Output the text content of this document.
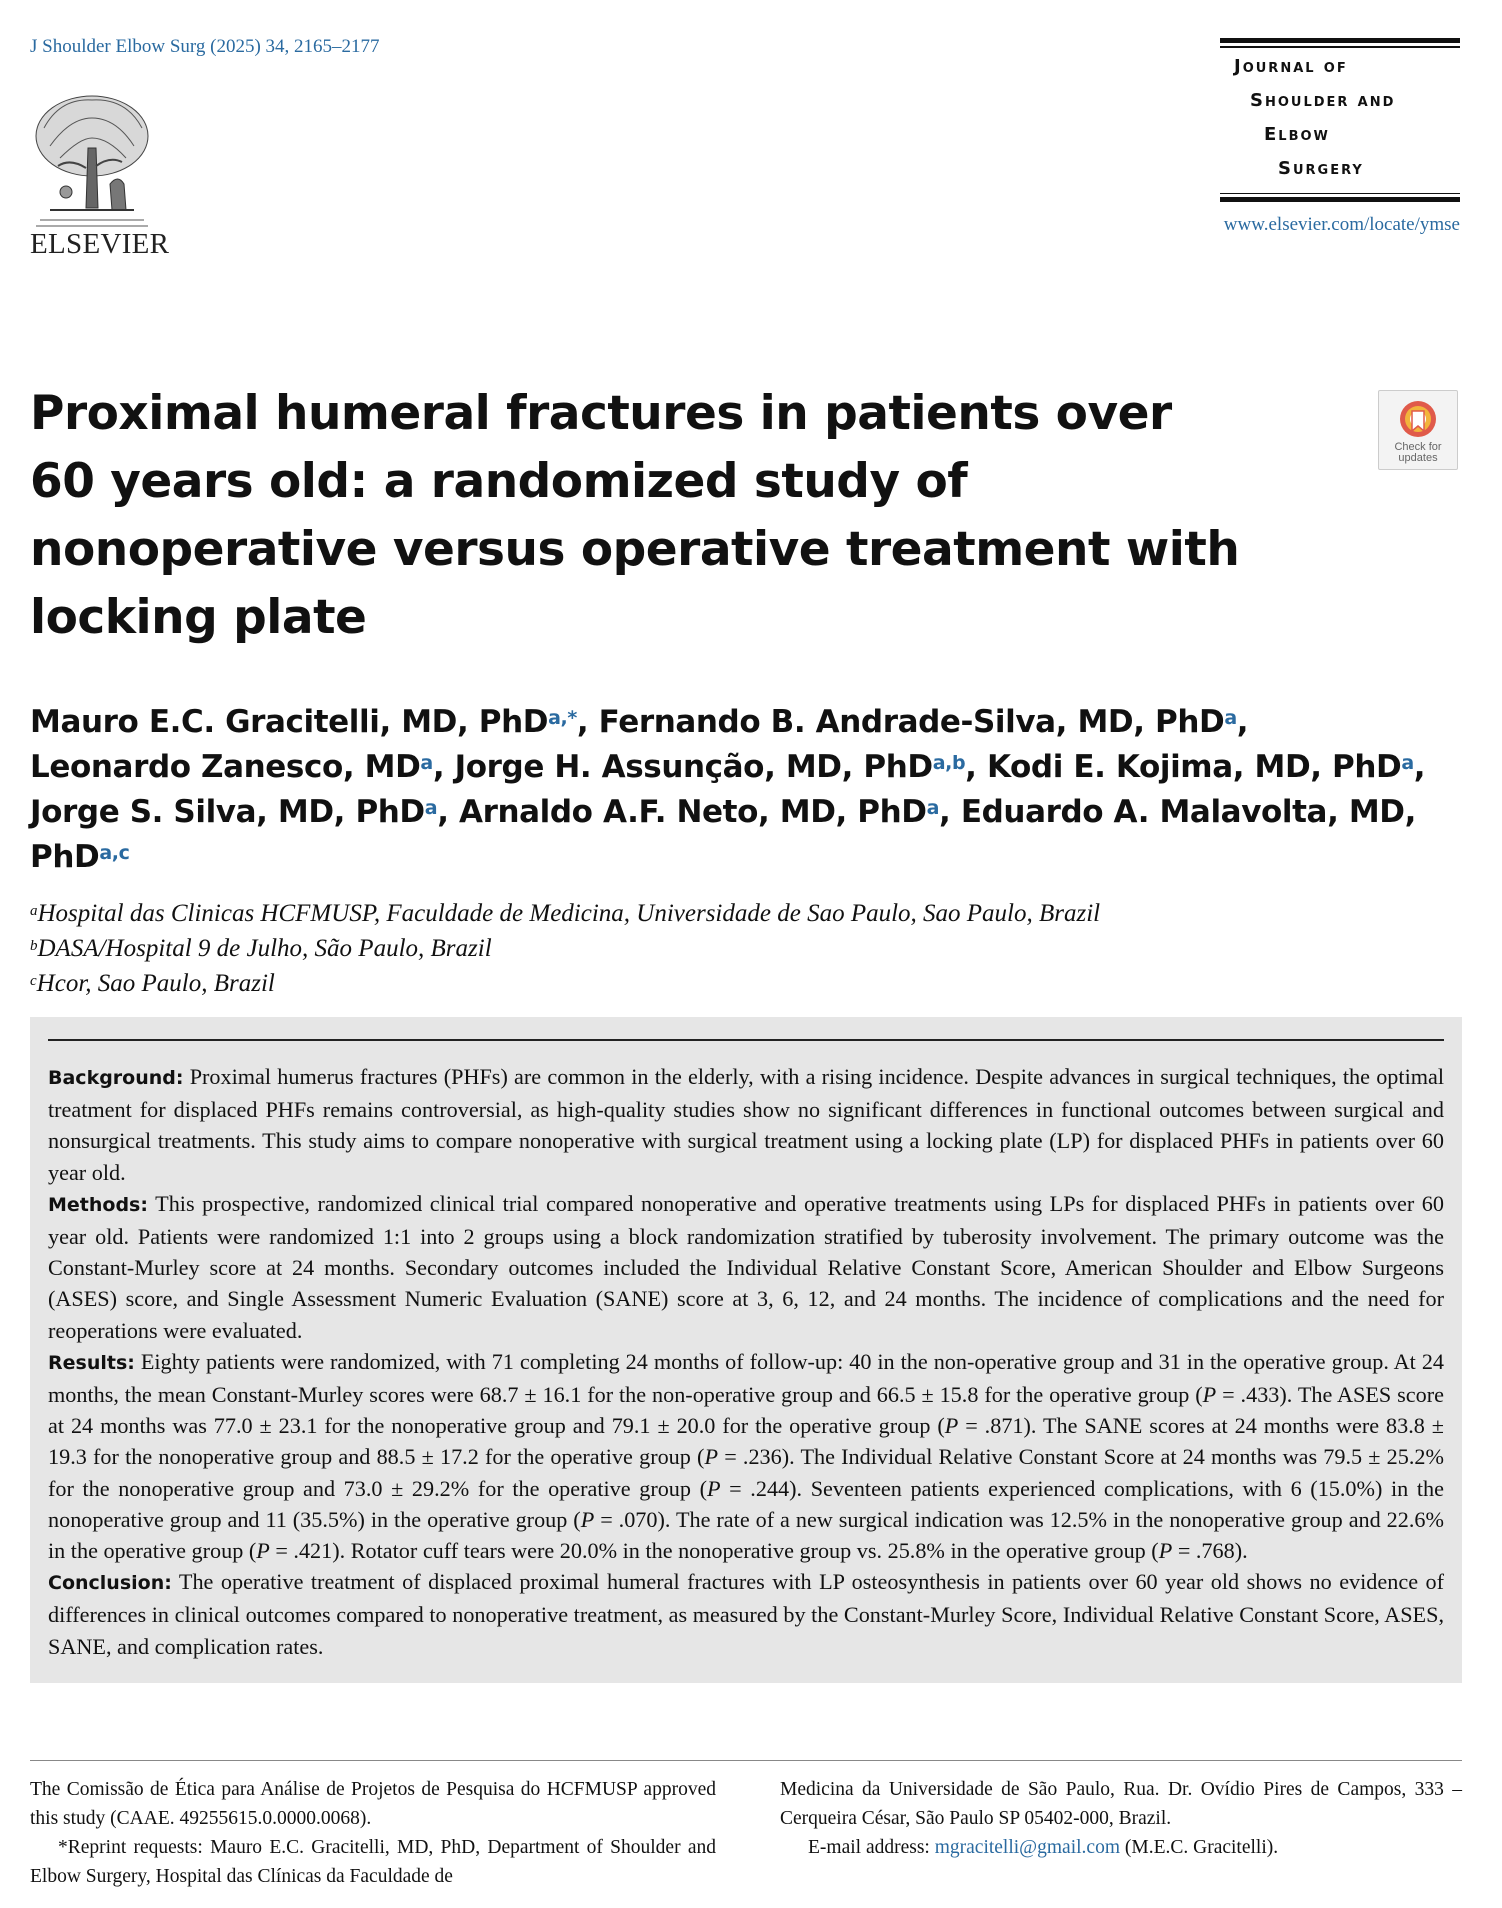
J Shoulder Elbow Surg (2025) 34, 2165–2177
ELSEVIER
Journal of
Shoulder and
Elbow
Surgery
www.elsevier.com/locate/ymse
Proximal humeral fractures in patients over
60 years old: a randomized study of
nonoperative versus operative treatment with
locking plate
Check for
updates
Mauro E.C. Gracitelli, MD, PhD$^{a,*}$, Fernando B. Andrade-Silva, MD, PhD$^a$,
Leonardo Zanesco, $MD^a$, Jorge H. Assunção, MD, PhD$^{a,b}$, Kodi E. Kojima, MD, PhD$^a$,
Jorge S. Silva, MD, PhD$^a$, Arnaldo A.F. Neto, MD, PhD$^a$, Eduardo A. Malavolta, MD, PhD$^{a,c}$
$^a$Hospital das Clinicas HCFMUSP, Faculdade de Medicina, Universidade de Sao Paulo, Sao Paulo, Brazil
$^b$DASA/Hospital 9 de Julho, São Paulo, Brazil
$^c$Hcor, Sao Paulo, Brazil

Background: Proximal humerus fractures (PHFs) are common in the elderly, with a rising incidence. Despite advances in surgical techniques, the optimal treatment for displaced PHFs remains controversial, as high-quality studies show no significant differences in functional outcomes between surgical and nonsurgical treatments. This study aims to compare nonoperative with surgical treatment using a locking plate (LP) for displaced PHFs in patients over 60 year old.

Methods: This prospective, randomized clinical trial compared nonoperative and operative treatments using LPs for displaced PHFs in patients over 60 year old. Patients were randomized 1:1 into 2 groups using a block randomization stratified by tuberosity involvement. The primary outcome was the Constant-Murley score at 24 months. Secondary outcomes included the Individual Relative Constant Score, American Shoulder and Elbow Surgeons (ASES) score, and Single Assessment Numeric Evaluation (SANE) score at 3, 6, 12, and 24 months. The incidence of complications and the need for reoperations were evaluated.

Results: Eighty patients were randomized, with 71 completing 24 months of follow-up: 40 in the non-operative group and 31 in the operative group. At 24 months, the mean Constant-Murley scores were 68.7 ± 16.1 for the non-operative group and 66.5 ± 15.8 for the operative group (P = .433). The ASES score at 24 months was 77.0 ± 23.1 for the nonoperative group and 79.1 ± 20.0 for the operative group (P = .871). The SANE scores at 24 months were 83.8 ± 19.3 for the nonoperative group and 88.5 ± 17.2 for the operative group (P = .236). The Individual Relative Constant Score at 24 months was 79.5 ± 25.2% for the nonoperative group and 73.0 ± 29.2% for the operative group (P = .244). Seventeen patients experienced complications, with 6 (15.0%) in the nonoperative group and 11 (35.5%) in the operative group (P = .070). The rate of a new surgical indication was 12.5% in the nonoperative group and 22.6% in the operative group (P = .421). Rotator cuff tears were 20.0% in the nonoperative group vs. 25.8% in the operative group (P = .768).

Conclusion: The operative treatment of displaced proximal humeral fractures with LP osteosynthesis in patients over 60 year old shows no evidence of differences in clinical outcomes compared to nonoperative treatment, as measured by the Constant-Murley Score, Individual Relative Constant Score, ASES, SANE, and complication rates.

The Comissão de Ética para Análise de Projetos de Pesquisa do HCFMUSP approved this study (CAAE. 49255615.0.0000.0068).

*Reprint requests: Mauro E.C. Gracitelli, MD, PhD, Department of Shoulder and Elbow Surgery, Hospital das Clínicas da Faculdade de

Medicina da Universidade de São Paulo, Rua. Dr. Ovídio Pires de Campos, 333 – Cerqueira César, São Paulo SP 05402-000, Brazil.

E-mail address: mgracitelli@gmail.com (M.E.C. Gracitelli).
